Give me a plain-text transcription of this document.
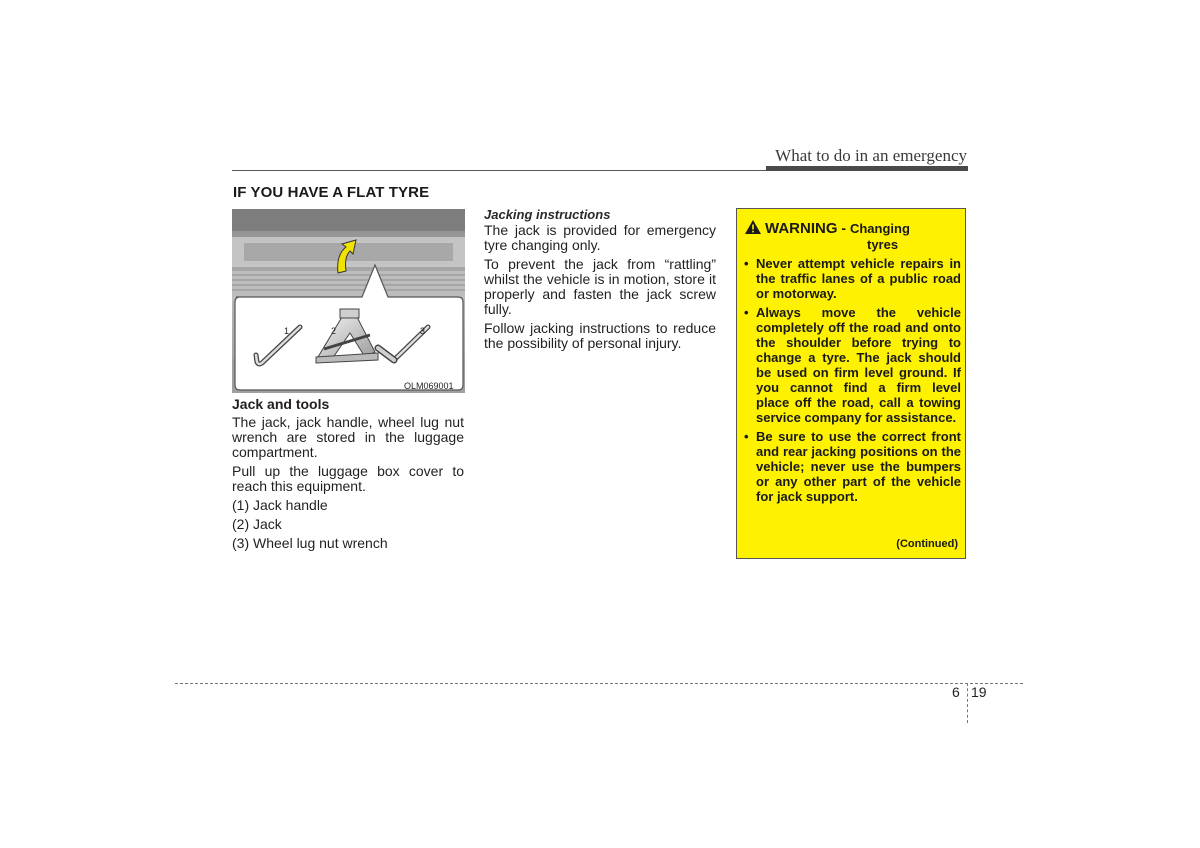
What to do in an emergency
IF YOU HAVE A FLAT TYRE
1	2	3
OLM069001

Jack and tools

The jack, jack handle, wheel lug nut wrench are stored in the luggage compartment.

Pull up the luggage box cover to reach this equipment.

(1) Jack handle
(2) Jack
(3) Wheel lug nut wrench

Jacking instructions

The jack is provided for emergency tyre changing only.

To prevent the jack from “rattling” whilst the vehicle is in motion, store it properly and fasten the jack screw fully.

Follow jacking instructions to reduce the possibility of personal injury.

WARNING - Changing
tyres
• Never attempt vehicle repairs in the traffic lanes of a public road or motorway.
• Always move the vehicle completely off the road and onto the shoulder before trying to change a tyre. The jack should be used on firm level ground. If you cannot find a firm level place off the road, call a towing service company for assistance.
• Be sure to use the correct front and rear jacking positions on the vehicle; never use the bumpers or any other part of the vehicle for jack support.
(Continued)
6 19
